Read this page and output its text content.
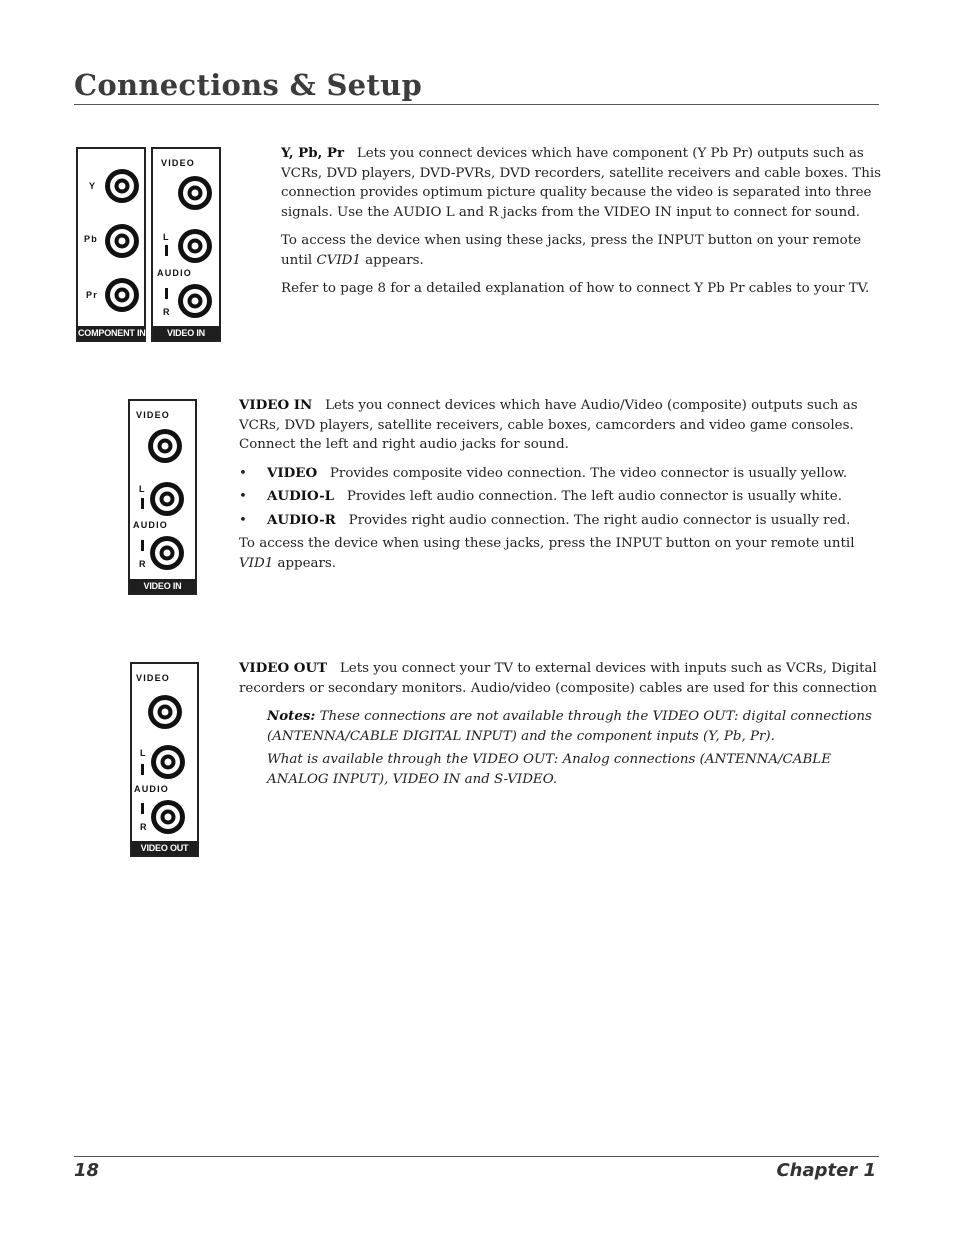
Connections & Setup
Y
Pb
Pr
COMPONENT IN
VIDEO
L
AUDIO
R
VIDEO IN

Y, Pb, Pr Lets you connect devices which have component (Y Pb Pr) outputs such as VCRs, DVD players, DVD-PVRs, DVD recorders, satellite receivers and cable boxes. This connection provides optimum picture quality because the video is separated into three signals. Use the AUDIO L and R jacks from the VIDEO IN input to connect for sound.

To access the device when using these jacks, press the INPUT button on your remote until CVID1 appears.

Refer to page 8 for a detailed explanation of how to connect Y Pb Pr cables to your TV.

VIDEO
L
AUDIO
R
VIDEO IN

VIDEO IN Lets you connect devices which have Audio/Video (composite) outputs such as VCRs, DVD players, satellite receivers, cable boxes, camcorders and video game consoles. Connect the left and right audio jacks for sound.

• VIDEO Provides composite video connection. The video connector is usually yellow.
• AUDIO-L Provides left audio connection. The left audio connector is usually white.
• AUDIO-R Provides right audio connection. The right audio connector is usually red.

To access the device when using these jacks, press the INPUT button on your remote until VID1 appears.

VIDEO
L
AUDIO
R
VIDEO OUT

VIDEO OUT Lets you connect your TV to external devices with inputs such as VCRs, Digital recorders or secondary monitors. Audio/video (composite) cables are used for this connection

Notes: These connections are not available through the VIDEO OUT: digital connections (ANTENNA/CABLE DIGITAL INPUT) and the component inputs (Y, Pb, Pr).

What is available through the VIDEO OUT: Analog connections (ANTENNA/CABLE ANALOG INPUT), VIDEO IN and S-VIDEO.

18	Chapter 1
